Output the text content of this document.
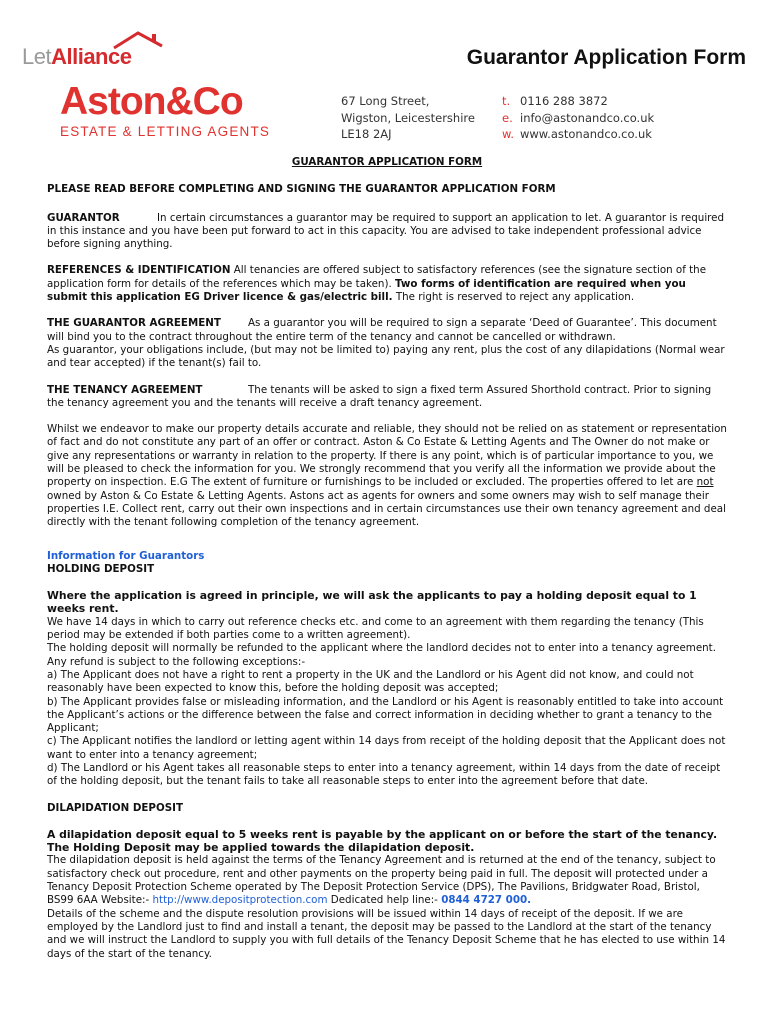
LetAlliance	Guarantor Application Form
Aston&Co
ESTATE & LETTING AGENTS
67 Long Street,
Wigston, Leicestershire
LE18 2AJ
t. 0116 288 3872
e. info@astonandco.co.uk
w. www.astonandco.co.uk
GUARANTOR APPLICATION FORM

PLEASE READ BEFORE COMPLETING AND SIGNING THE GUARANTOR APPLICATION FORM

GUARANTOR	In certain circumstances a guarantor may be required to support an application to let. A guarantor is required in this instance and you have been put forward to act in this capacity. You are advised to take independent professional advice before signing anything.

REFERENCES & IDENTIFICATION All tenancies are offered subject to satisfactory references (see the signature section of the application form for details of the references which may be taken). Two forms of identification are required when you submit this application EG Driver licence & gas/electric bill. The right is reserved to reject any application.

THE GUARANTOR AGREEMENT	As a guarantor you will be required to sign a separate ‘Deed of Guarantee’. This document will bind you to the contract throughout the entire term of the tenancy and cannot be cancelled or withdrawn.

As guarantor, your obligations include, (but may not be limited to) paying any rent, plus the cost of any dilapidations (Normal wear and tear accepted) if the tenant(s) fail to.

THE TENANCY AGREEMENT	The tenants will be asked to sign a fixed term Assured Shorthold contract. Prior to signing the tenancy agreement you and the tenants will receive a draft tenancy agreement.

Whilst we endeavor to make our property details accurate and reliable, they should not be relied on as statement or representation of fact and do not constitute any part of an offer or contract. Aston & Co Estate & Letting Agents and The Owner do not make or give any representations or warranty in relation to the property. If there is any point, which is of particular importance to you, we will be pleased to check the information for you. We strongly recommend that you verify all the information we provide about the property on inspection. E.G The extent of furniture or furnishings to be included or excluded. The properties offered to let are not owned by Aston & Co Estate & Letting Agents. Astons act as agents for owners and some owners may wish to self manage their properties I.E. Collect rent, carry out their own inspections and in certain circumstances use their own tenancy agreement and deal directly with the tenant following completion of the tenancy agreement.

Information for Guarantors

HOLDING DEPOSIT

Where the application is agreed in principle, we will ask the applicants to pay a holding deposit equal to 1 weeks rent.

We have 14 days in which to carry out reference checks etc. and come to an agreement with them regarding the tenancy (This period may be extended if both parties come to a written agreement).

The holding deposit will normally be refunded to the applicant where the landlord decides not to enter into a tenancy agreement.

Any refund is subject to the following exceptions:-

a) The Applicant does not have a right to rent a property in the UK and the Landlord or his Agent did not know, and could not reasonably have been expected to know this, before the holding deposit was accepted;

b) The Applicant provides false or misleading information, and the Landlord or his Agent is reasonably entitled to take into account the Applicant’s actions or the difference between the false and correct information in deciding whether to grant a tenancy to the Applicant;

c) The Applicant notifies the landlord or letting agent within 14 days from receipt of the holding deposit that the Applicant does not want to enter into a tenancy agreement;

d) The Landlord or his Agent takes all reasonable steps to enter into a tenancy agreement, within 14 days from the date of receipt of the holding deposit, but the tenant fails to take all reasonable steps to enter into the agreement before that date.

DILAPIDATION DEPOSIT

A dilapidation deposit equal to 5 weeks rent is payable by the applicant on or before the start of the tenancy. The Holding Deposit may be applied towards the dilapidation deposit.

The dilapidation deposit is held against the terms of the Tenancy Agreement and is returned at the end of the tenancy, subject to satisfactory check out procedure, rent and other payments on the property being paid in full. The deposit will protected under a Tenancy Deposit Protection Scheme operated by The Deposit Protection Service (DPS), The Pavilions, Bridgwater Road, Bristol, BS99 6AA Website:- http://www.depositprotection.com Dedicated help line:- 0844 4727 000.

Details of the scheme and the dispute resolution provisions will be issued within 14 days of receipt of the deposit. If we are employed by the Landlord just to find and install a tenant, the deposit may be passed to the Landlord at the start of the tenancy and we will instruct the Landlord to supply you with full details of the Tenancy Deposit Scheme that he has elected to use within 14 days of the start of the tenancy.
